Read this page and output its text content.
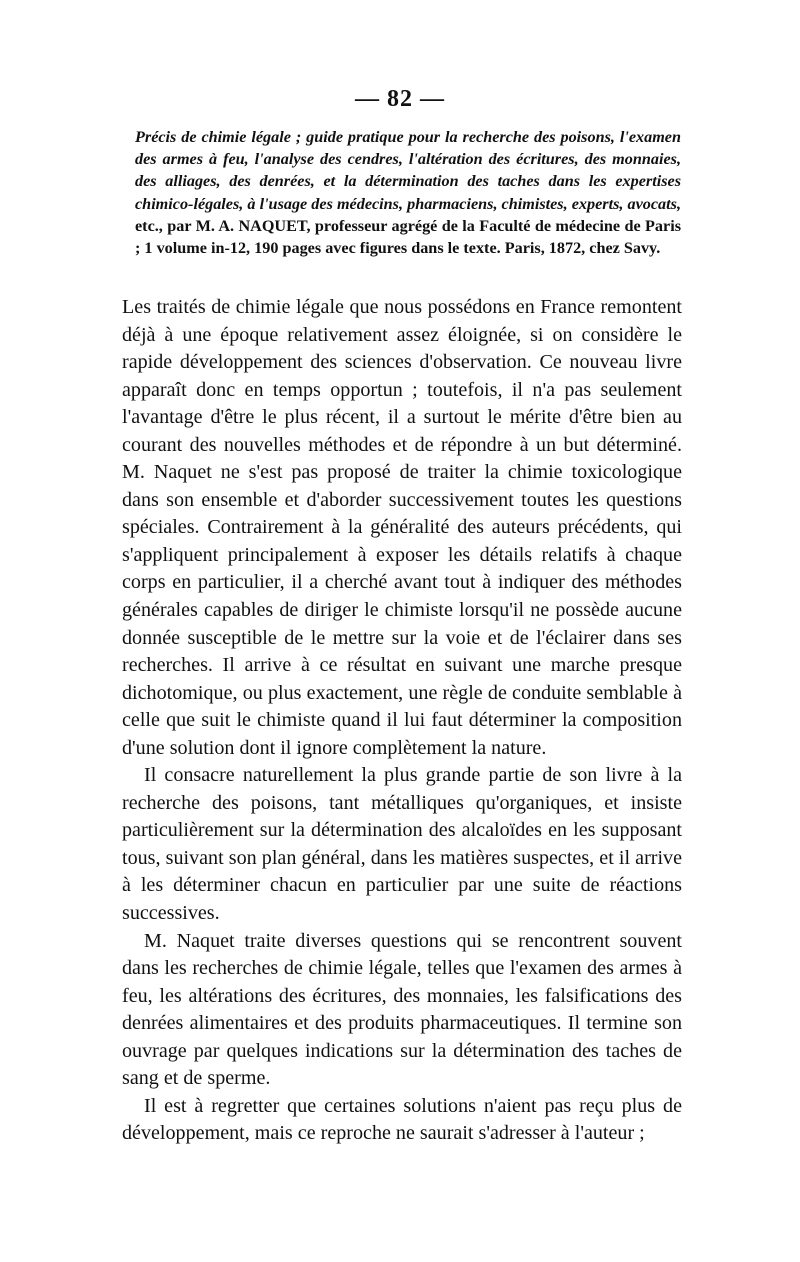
— 82 —
Précis de chimie légale ; guide pratique pour la recherche des poisons, l'examen des armes à feu, l'analyse des cendres, l'altération des écritures, des monnaies, des alliages, des denrées, et la détermination des taches dans les expertises chimico-légales, à l'usage des médecins, pharmaciens, chimistes, experts, avocats, etc., par M. A. NAQUET, professeur agrégé de la Faculté de médecine de Paris ; 1 volume in-12, 190 pages avec figures dans le texte. Paris, 1872, chez Savy.

Les traités de chimie légale que nous possédons en France remontent déjà à une époque relativement assez éloignée, si on considère le rapide développement des sciences d'observation. Ce nouveau livre apparaît donc en temps opportun ; toutefois, il n'a pas seulement l'avantage d'être le plus récent, il a surtout le mérite d'être bien au courant des nouvelles méthodes et de répondre à un but déterminé. M. Naquet ne s'est pas proposé de traiter la chimie toxicologique dans son ensemble et d'aborder successivement toutes les questions spéciales. Contrairement à la généralité des auteurs précédents, qui s'appliquent principalement à exposer les détails relatifs à chaque corps en particulier, il a cherché avant tout à indiquer des méthodes générales capables de diriger le chimiste lorsqu'il ne possède aucune donnée susceptible de le mettre sur la voie et de l'éclairer dans ses recherches. Il arrive à ce résultat en suivant une marche presque dichotomique, ou plus exactement, une règle de conduite semblable à celle que suit le chimiste quand il lui faut déterminer la composition d'une solution dont il ignore complètement la nature.

Il consacre naturellement la plus grande partie de son livre à la recherche des poisons, tant métalliques qu'organiques, et insiste particulièrement sur la détermination des alcaloïdes en les supposant tous, suivant son plan général, dans les matières suspectes, et il arrive à les déterminer chacun en particulier par une suite de réactions successives.

M. Naquet traite diverses questions qui se rencontrent souvent dans les recherches de chimie légale, telles que l'examen des armes à feu, les altérations des écritures, des monnaies, les falsifications des denrées alimentaires et des produits pharmaceutiques. Il termine son ouvrage par quelques indications sur la détermination des taches de sang et de sperme.

Il est à regretter que certaines solutions n'aient pas reçu plus de développement, mais ce reproche ne saurait s'adresser à l'auteur ;
